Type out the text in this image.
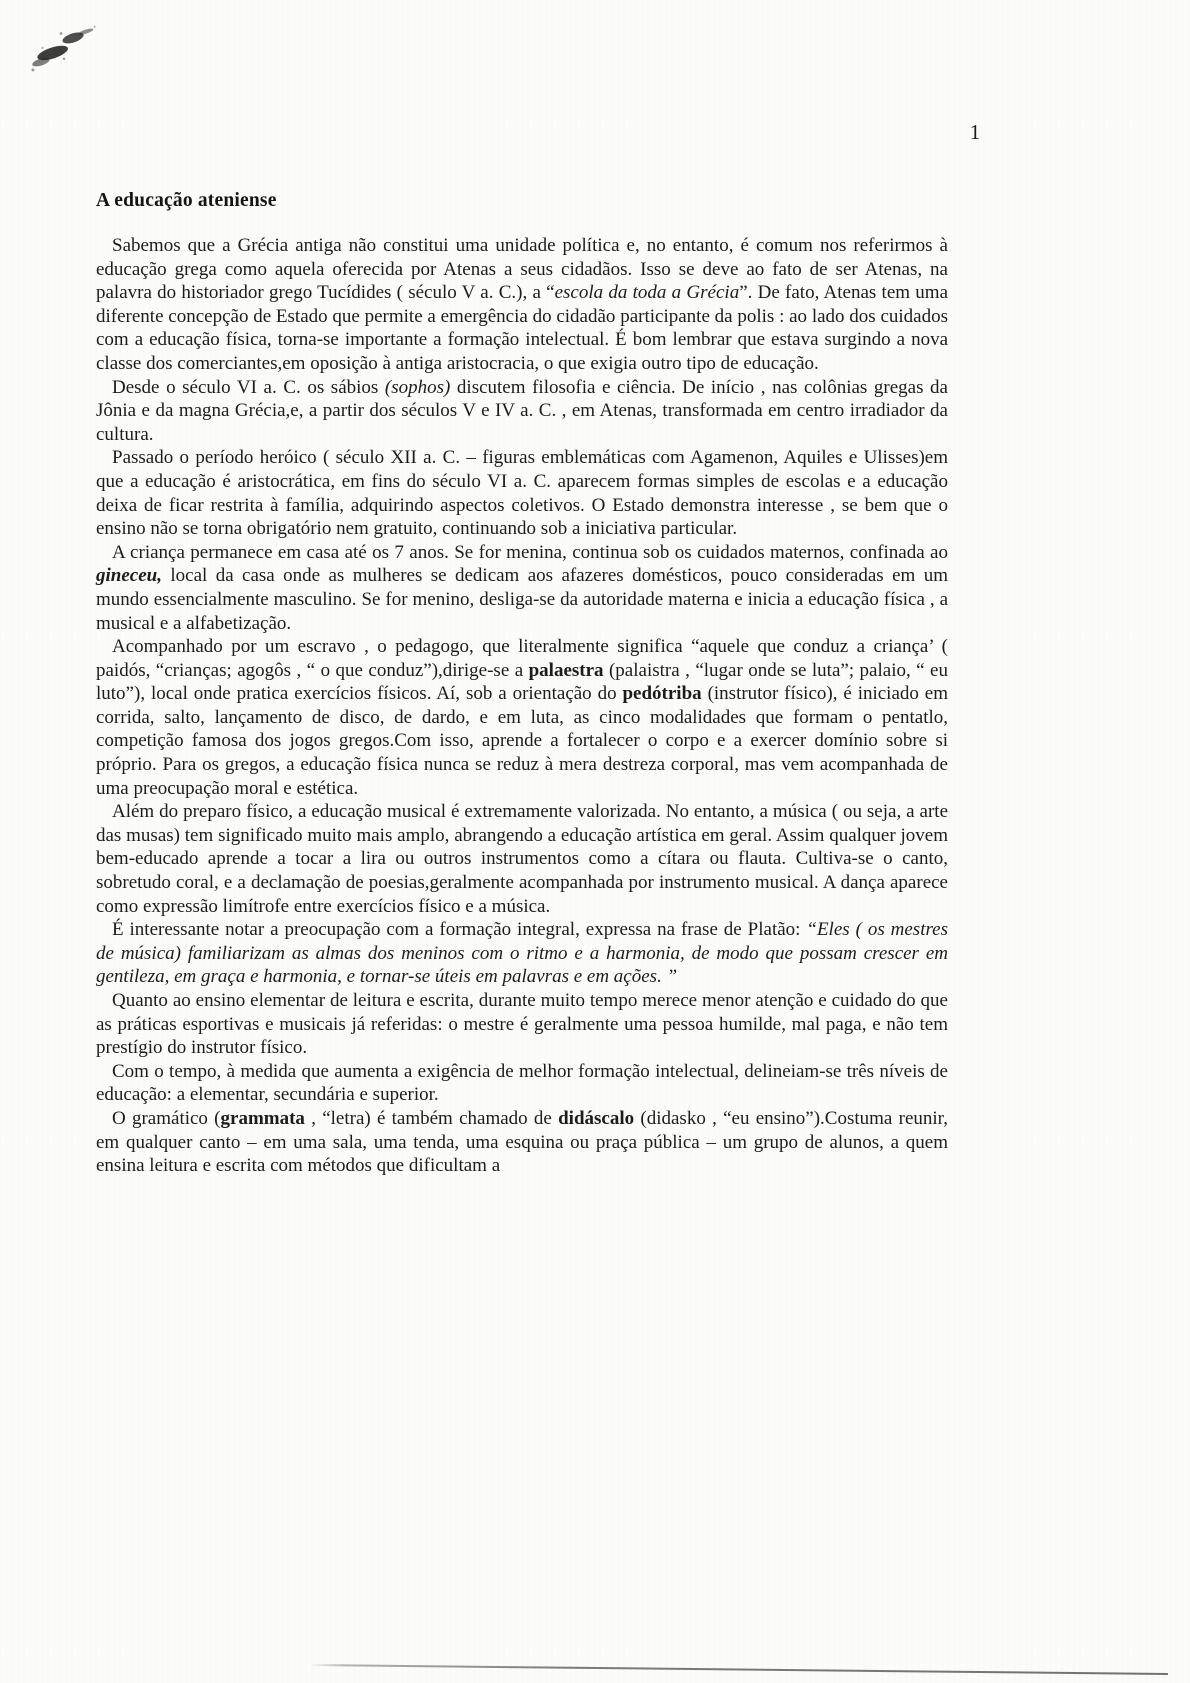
1
A educação ateniense

Sabemos que a Grécia antiga não constitui uma unidade política e, no entanto, é comum nos referirmos à educação grega como aquela oferecida por Atenas a seus cidadãos. Isso se deve ao fato de ser Atenas, na palavra do historiador grego Tucídides ( século V a. C.), a “escola da toda a Grécia”. De fato, Atenas tem uma diferente concepção de Estado que permite a emergência do cidadão participante da polis : ao lado dos cuidados com a educação física, torna-se importante a formação intelectual. É bom lembrar que estava surgindo a nova classe dos comerciantes,em oposição à antiga aristocracia, o que exigia outro tipo de educação.

Desde o século VI a. C. os sábios (sophos) discutem filosofia e ciência. De início , nas colônias gregas da Jônia e da magna Grécia,e, a partir dos séculos V e IV a. C. , em Atenas, transformada em centro irradiador da cultura.

Passado o período heróico ( século XII a. C. – figuras emblemáticas com Agamenon, Aquiles e Ulisses)em que a educação é aristocrática, em fins do século VI a. C. aparecem formas simples de escolas e a educação deixa de ficar restrita à família, adquirindo aspectos coletivos. O Estado demonstra interesse , se bem que o ensino não se torna obrigatório nem gratuito, continuando sob a iniciativa particular.

A criança permanece em casa até os 7 anos. Se for menina, continua sob os cuidados maternos, confinada ao gineceu, local da casa onde as mulheres se dedicam aos afazeres domésticos, pouco consideradas em um mundo essencialmente masculino. Se for menino, desliga-se da autoridade materna e inicia a educação física , a musical e a alfabetização.

Acompanhado por um escravo , o pedagogo, que literalmente significa “aquele que conduz a criança’ ( paidós, “crianças; agogôs , “ o que conduz”),dirige-se a palaestra (palaistra , “lugar onde se luta”; palaio, “ eu luto”), local onde pratica exercícios físicos. Aí, sob a orientação do pedótriba (instrutor físico), é iniciado em corrida, salto, lançamento de disco, de dardo, e em luta, as cinco modalidades que formam o pentatlo, competição famosa dos jogos gregos.Com isso, aprende a fortalecer o corpo e a exercer domínio sobre si próprio. Para os gregos, a educação física nunca se reduz à mera destreza corporal, mas vem acompanhada de uma preocupação moral e estética.

Além do preparo físico, a educação musical é extremamente valorizada. No entanto, a música ( ou seja, a arte das musas) tem significado muito mais amplo, abrangendo a educação artística em geral. Assim qualquer jovem bem-educado aprende a tocar a lira ou outros instrumentos como a cítara ou flauta. Cultiva-se o canto, sobretudo coral, e a declamação de poesias,geralmente acompanhada por instrumento musical. A dança aparece como expressão limítrofe entre exercícios físico e a música.

É interessante notar a preocupação com a formação integral, expressa na frase de Platão: “Eles ( os mestres de música) familiarizam as almas dos meninos com o ritmo e a harmonia, de modo que possam crescer em gentileza, em graça e harmonia, e tornar-se úteis em palavras e em ações. ”

Quanto ao ensino elementar de leitura e escrita, durante muito tempo merece menor atenção e cuidado do que as práticas esportivas e musicais já referidas: o mestre é geralmente uma pessoa humilde, mal paga, e não tem prestígio do instrutor físico.

Com o tempo, à medida que aumenta a exigência de melhor formação intelectual, delineiam-se três níveis de educação: a elementar, secundária e superior.

O gramático (grammata , “letra) é também chamado de didáscalo (didasko , “eu ensino”).Costuma reunir, em qualquer canto – em uma sala, uma tenda, uma esquina ou praça pública – um grupo de alunos, a quem ensina leitura e escrita com métodos que dificultam a
